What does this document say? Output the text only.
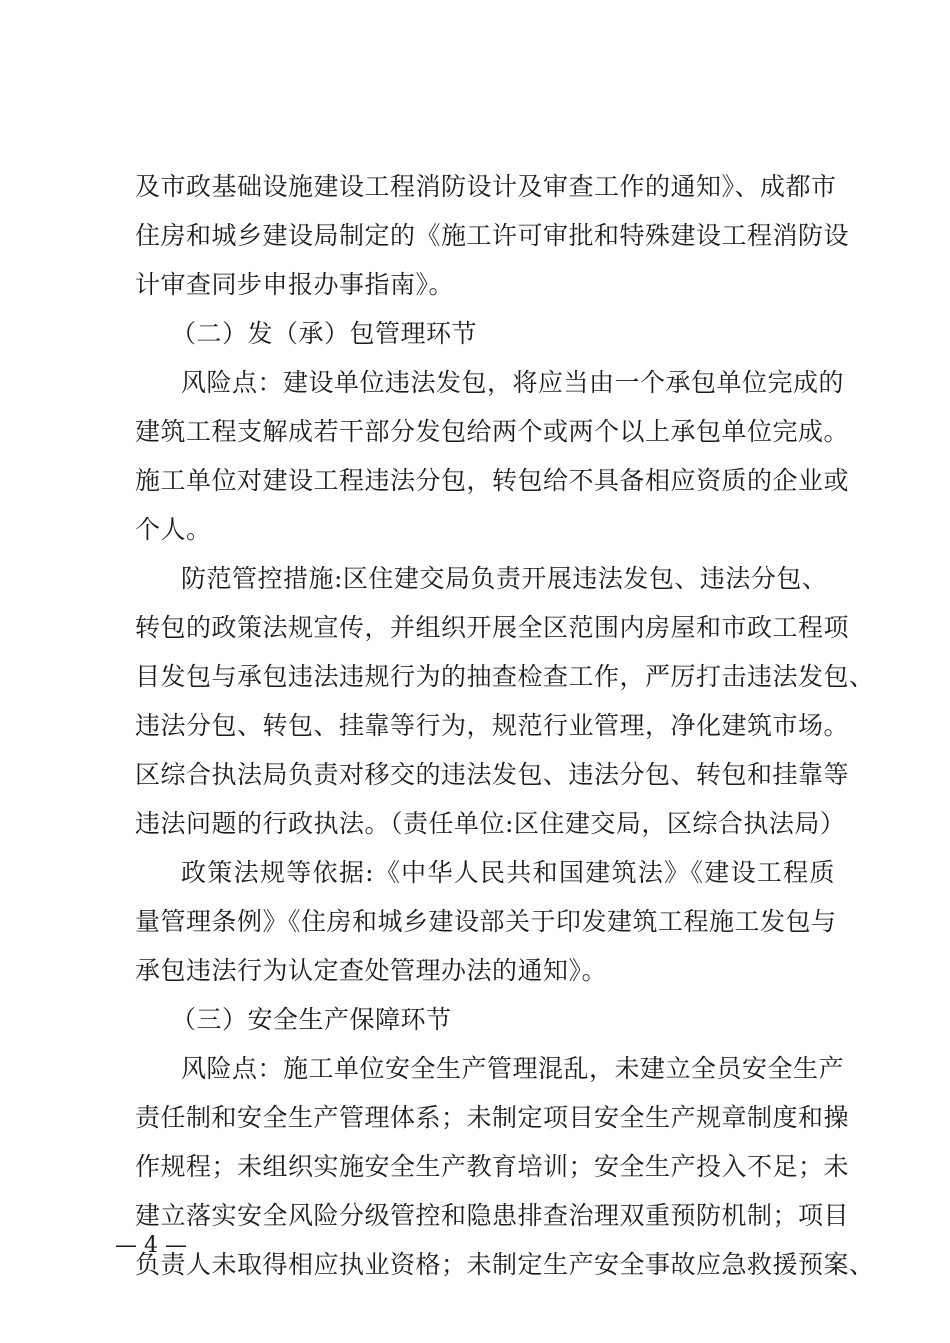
及市政基础设施建设工程消防设计及审查工作的通知》、成都市
住房和城乡建设局制定的《施工许可审批和特殊建设工程消防设
计审查同步申报办事指南》。
（二）发（承）包管理环节
风险点：建设单位违法发包，将应当由一个承包单位完成的
建筑工程支解成若干部分发包给两个或两个以上承包单位完成。
施工单位对建设工程违法分包，转包给不具备相应资质的企业或
个人。
防范管控措施:区住建交局负责开展违法发包、违法分包、
转包的政策法规宣传，并组织开展全区范围内房屋和市政工程项
目发包与承包违法违规行为的抽查检查工作，严厉打击违法发包、
违法分包、转包、挂靠等行为，规范行业管理，净化建筑市场。
区综合执法局负责对移交的违法发包、违法分包、转包和挂靠等
违法问题的行政执法。（责任单位:区住建交局，区综合执法局）
政策法规等依据:《中华人民共和国建筑法》《建设工程质
量管理条例》《住房和城乡建设部关于印发建筑工程施工发包与
承包违法行为认定查处管理办法的通知》。
（三）安全生产保障环节
风险点：施工单位安全生产管理混乱，未建立全员安全生产
责任制和安全生产管理体系；未制定项目安全生产规章制度和操
作规程；未组织实施安全生产教育培训；安全生产投入不足；未
建立落实安全风险分级管控和隐患排查治理双重预防机制；项目
负责人未取得相应执业资格；未制定生产安全事故应急救援预案、
— 4 —
